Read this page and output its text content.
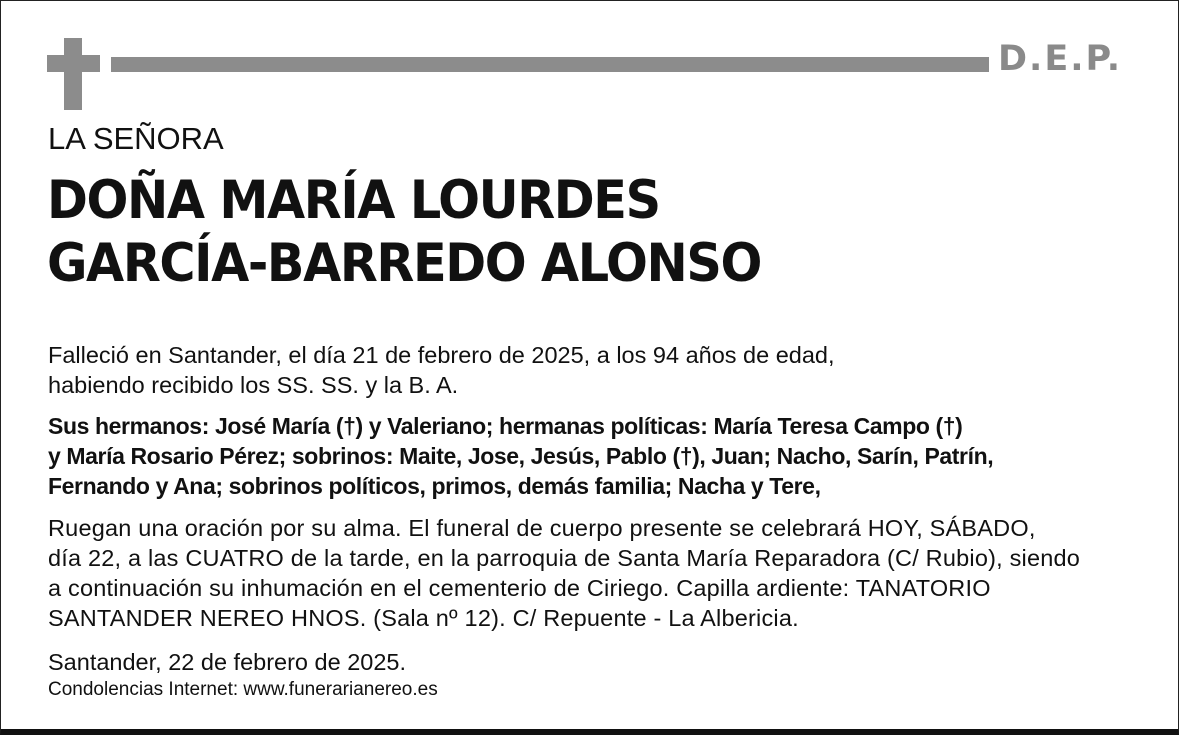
D.E.P.
LA SEÑORA
DOÑA MARÍA LOURDES
GARCÍA-BARREDO ALONSO

Falleció en Santander, el día 21 de febrero de 2025, a los 94 años de edad,
habiendo recibido los SS. SS. y la B. A.

Sus hermanos: José María (†) y Valeriano; hermanas políticas: María Teresa Campo (†)
y María Rosario Pérez; sobrinos: Maite, Jose, Jesús, Pablo (†), Juan; Nacho, Sarín, Patrín,
Fernando y Ana; sobrinos políticos, primos, demás familia; Nacha y Tere,

Ruegan una oración por su alma. El funeral de cuerpo presente se celebrará HOY, SÁBADO,
día 22, a las CUATRO de la tarde, en la parroquia de Santa María Reparadora (C/ Rubio), siendo
a continuación su inhumación en el cementerio de Ciriego. Capilla ardiente: TANATORIO
SANTANDER NEREO HNOS. (Sala nº 12). C/ Repuente - La Albericia.

Santander, 22 de febrero de 2025.

Condolencias Internet: www.funerarianereo.es
